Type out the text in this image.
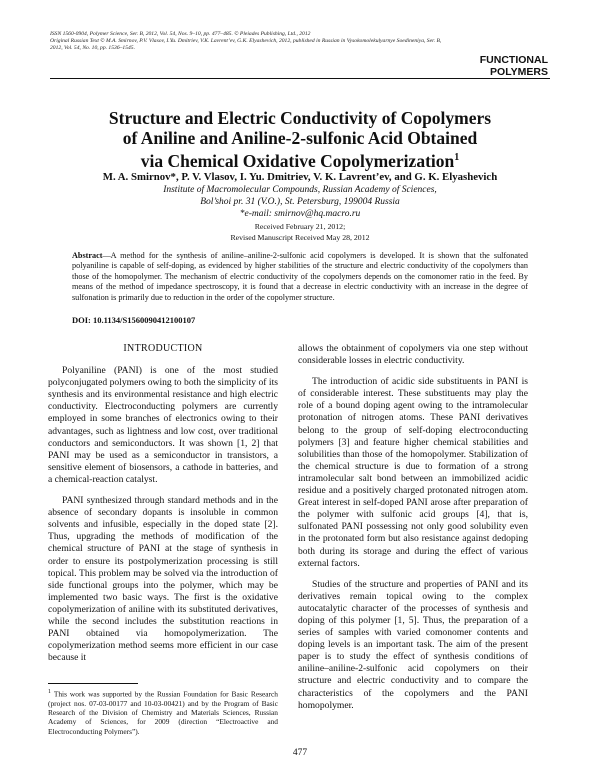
ISSN 1560-0904, Polymer Science, Ser. B, 2012, Vol. 54, Nos. 9–10, pp. 477–485. © Pleiades Publishing, Ltd., 2012
Original Russian Text © M.A. Smirnov, P.V. Vlasov, I.Yu. Dmitriev, V.K. Lavrent’ev, G.K. Elyashevich, 2012, published in Russian in Vysokomolekulyarnye Soedineniya, Ser. B,
2012, Vol. 54, No. 10, pp. 1536–1545.
FUNCTIONAL
POLYMERS
Structure and Electric Conductivity of Copolymers
of Aniline and Aniline-2-sulfonic Acid Obtained
via Chemical Oxidative Copolymerization$^1$
M. A. Smirnov*, P. V. Vlasov, I. Yu. Dmitriev, V. K. Lavrent’ev, and G. K. Elyashevich
Institute of Macromolecular Compounds, Russian Academy of Sciences,
Bol’shoi pr. 31 (V.O.), St. Petersburg, 199004 Russia
*e-mail: smirnov@hq.macro.ru
Received February 21, 2012;
Revised Manuscript Received May 28, 2012
Abstract—A method for the synthesis of aniline–aniline-2-sulfonic acid copolymers is developed. It is shown that the sulfonated polyaniline is capable of self-doping, as evidenced by higher stabilities of the structure and electric conductivity of the copolymers than those of the homopolymer. The mechanism of electric conductivity of the copolymers depends on the comonomer ratio in the feed. By means of the method of impedance spectroscopy, it is found that a decrease in electric conductivity with an increase in the degree of sulfonation is primarily due to reduction in the order of the copolymer structure.
DOI: 10.1134/S1560090412100107
INTRODUCTION

Polyaniline (PANI) is one of the most studied polyconjugated polymers owing to both the simplicity of its synthesis and its environmental resistance and high electric conductivity. Electroconducting polymers are currently employed in some branches of electronics owing to their advantages, such as lightness and low cost, over traditional conductors and semiconductors. It was shown [1, 2] that PANI may be used as a semiconductor in transistors, a sensitive element of biosensors, a cathode in batteries, and a chemical-reaction catalyst.

PANI synthesized through standard methods and in the absence of secondary dopants is insoluble in common solvents and infusible, especially in the doped state [2]. Thus, upgrading the methods of modification of the chemical structure of PANI at the stage of synthesis in order to ensure its postpolymerization processing is still topical. This problem may be solved via the introduction of side functional groups into the polymer, which may be implemented two basic ways. The first is the oxidative copolymerization of aniline with its substituted derivatives, while the second includes the substitution reactions in PANI obtained via homopolymerization. The copolymerization method seems more efficient in our case because it

allows the obtainment of copolymers via one step without considerable losses in electric conductivity.

The introduction of acidic side substituents in PANI is of considerable interest. These substituents may play the role of a bound doping agent owing to the intramolecular protonation of nitrogen atoms. These PANI derivatives belong to the group of self-doping electroconducting polymers [3] and feature higher chemical stabilities and solubilities than those of the homopolymer. Stabilization of the chemical structure is due to formation of a strong intramolecular salt bond between an immobilized acidic residue and a positively charged protonated nitrogen atom. Great interest in self-doped PANI arose after preparation of the polymer with sulfonic acid groups [4], that is, sulfonated PANI possessing not only good solubility even in the protonated form but also resistance against dedoping both during its storage and during the effect of various external factors.

Studies of the structure and properties of PANI and its derivatives remain topical owing to the complex autocatalytic character of the processes of synthesis and doping of this polymer [1, 5]. Thus, the preparation of a series of samples with varied comonomer contents and doping levels is an important task. The aim of the present paper is to study the effect of synthesis conditions of aniline–aniline-2-sulfonic acid copolymers on their structure and electric conductivity and to compare the characteristics of the copolymers and the PANI homopolymer.

$^1$ This work was supported by the Russian Foundation for Basic Research (project nos. 07-03-00177 and 10-03-00421) and by the Program of Basic Research of the Division of Chemistry and Materials Sciences, Russian Academy of Sciences, for 2009 (direction “Electroactive and Electroconducting Polymers”).
477
